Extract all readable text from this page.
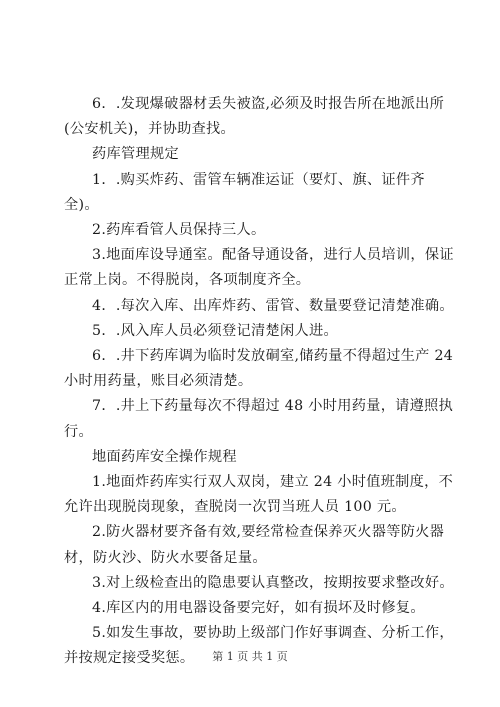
6．.发现爆破器材丢失被盗,必须及时报告所在地派出所(公安机关)，并协助查找。

药库管理规定

1．.购买炸药、雷管车辆准运证（要灯、旗、证件齐全)。

2.药库看管人员保持三人。

3.地面库设导通室。配备导通设备，进行人员培训，保证正常上岗。不得脱岗，各项制度齐全。

4．.每次入库、出库炸药、雷管、数量要登记清楚准确。

5．.风入库人员必须登记清楚闲人进。

6．.井下药库调为临时发放硐室,储药量不得超过生产 24 小时用药量，账目必须清楚。

7．.井上下药量每次不得超过 48 小时用药量，请遵照执行。

地面药库安全操作规程

1.地面炸药库实行双人双岗，建立 24 小时值班制度，不允许出现脱岗现象，查脱岗一次罚当班人员 100 元。

2.防火器材要齐备有效,要经常检查保养灭火器等防火器材，防火沙、防火水要备足量。

3.对上级检查出的隐患要认真整改，按期按要求整改好。

4.库区内的用电器设备要完好，如有损坏及时修复。

5.如发生事故，要协助上级部门作好事调查、分析工作，并按规定接受奖惩。	第 1 页 共 1 页
